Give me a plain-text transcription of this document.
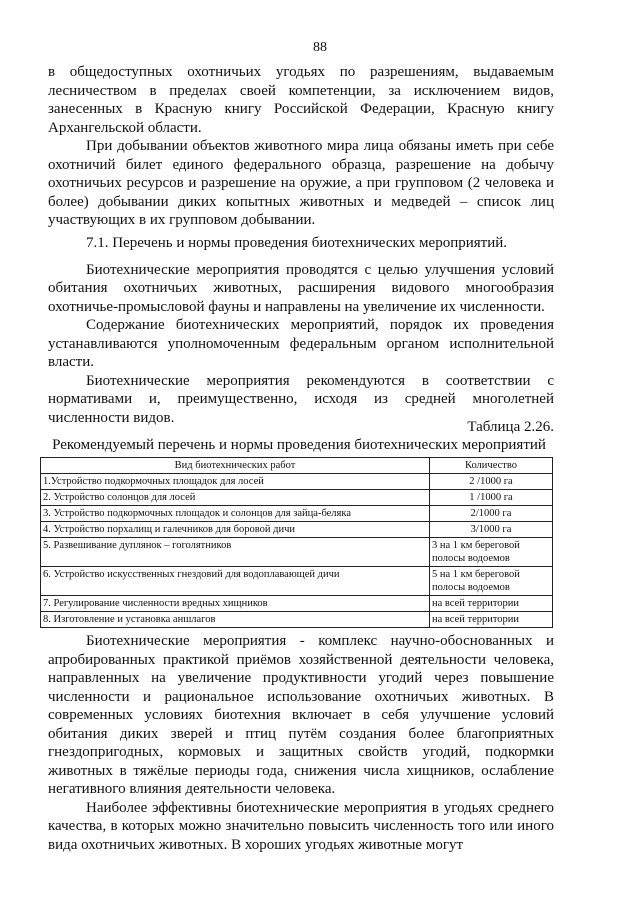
88

в общедоступных охотничьих угодьях по разрешениям, выдаваемым лесничеством в пределах своей компетенции, за исключением видов, занесенных в Красную книгу Российской Федерации, Красную книгу Архангельской области.

При добывании объектов животного мира лица обязаны иметь при себе охотничий билет единого федерального образца, разрешение на добычу охотничьих ресурсов и разрешение на оружие, а при групповом (2 человека и более) добывании диких копытных животных и медведей – список лиц участвующих в их групповом добывании.

7.1. Перечень и нормы проведения биотехнических мероприятий.

Биотехнические мероприятия проводятся с целью улучшения условий обитания охотничьих животных, расширения видового многообразия охотничье-промысловой фауны и направлены на увеличение их численности.

Содержание биотехнических мероприятий, порядок их проведения устанавливаются уполномоченным федеральным органом исполнительной власти.

Биотехнические мероприятия рекомендуются в соответствии с нормативами и, преимущественно, исходя из средней многолетней численности видов.

Таблица 2.26.
Рекомендуемый перечень и нормы проведения биотехнических мероприятий
Вид биотехнических работ	Количество
1.Устройство подкормочных площадок для лосей	2 /1000 га
2. Устройство солонцов для лосей	1 /1000 га
3. Устройство подкормочных площадок и солонцов для зайца-беляка	2/1000 га
4. Устройство порхалищ и галечников для боровой дичи	3/1000 га
5. Развешивание дуплянок – гоголятников	3 на 1 км береговой полосы водоемов
6. Устройство искусственных гнездовий для водоплавающей дичи	5 на 1 км береговой полосы водоемов
7. Регулирование численности вредных хищников	на всей территории
8. Изготовление и установка аншлагов	на всей территории

Биотехнические мероприятия - комплекс научно-обоснованных и апробированных практикой приёмов хозяйственной деятельности человека, направленных на увеличение продуктивности угодий через повышение численности и рациональное использование охотничьих животных. В современных условиях биотехния включает в себя улучшение условий обитания диких зверей и птиц путём создания более благоприятных гнездопригодных, кормовых и защитных свойств угодий, подкормки животных в тяжёлые периоды года, снижения числа хищников, ослабление негативного влияния деятельности человека.

Наиболее эффективны биотехнические мероприятия в угодьях среднего качества, в которых можно значительно повысить численность того или иного вида охотничьих животных. В хороших угодьях животные могут
